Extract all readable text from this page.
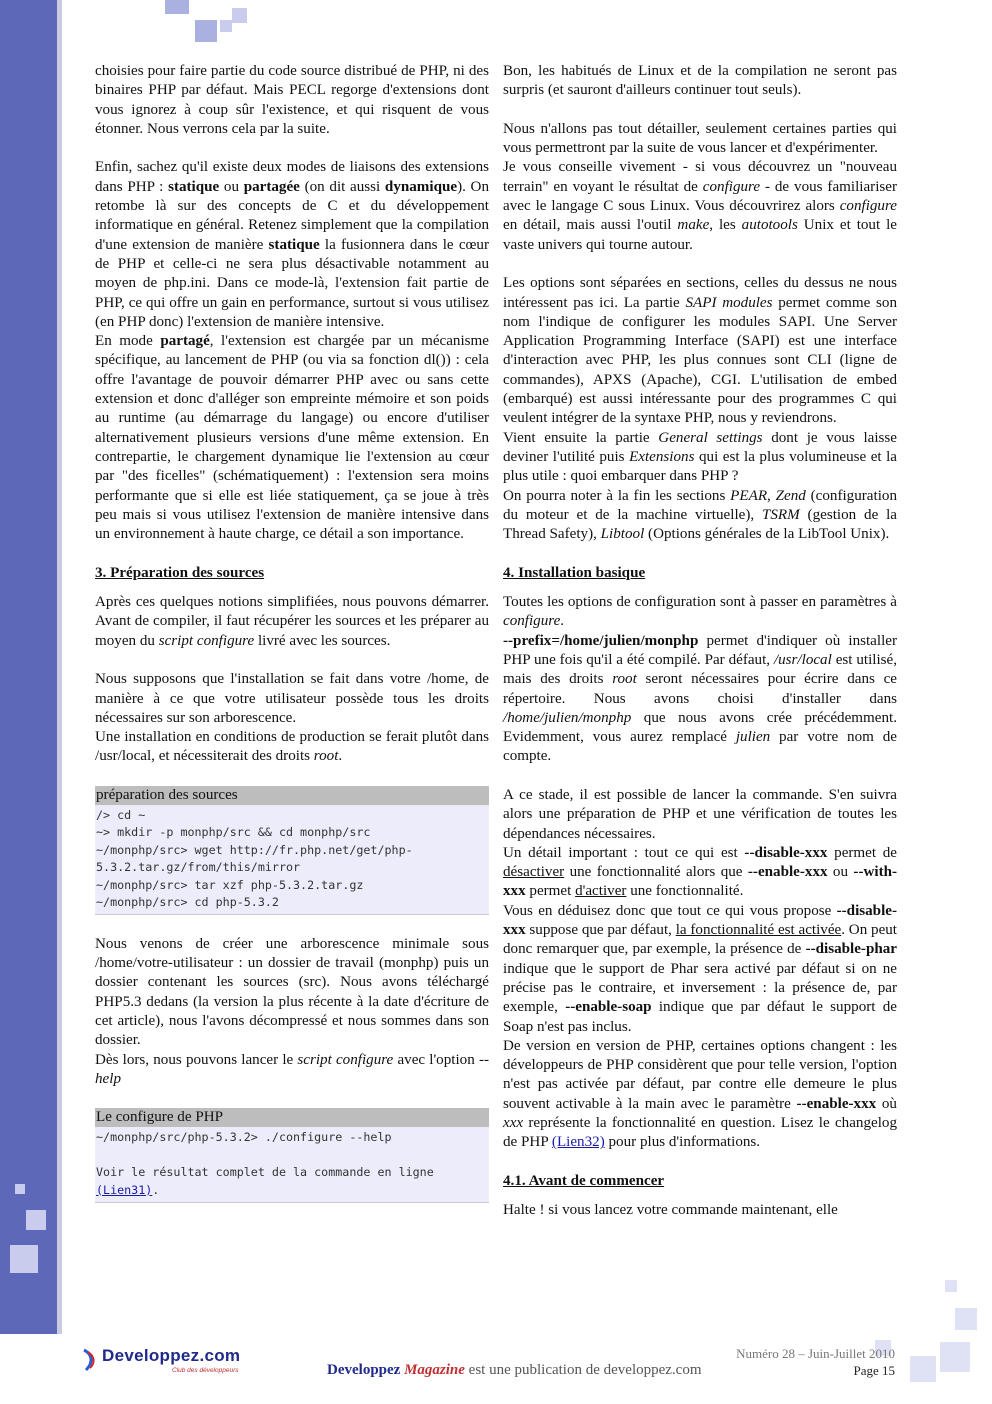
choisies pour faire partie du code source distribué de PHP, ni des binaires PHP par défaut. Mais PECL regorge d'extensions dont vous ignorez à coup sûr l'existence, et qui risquent de vous étonner. Nous verrons cela par la suite.

Enfin, sachez qu'il existe deux modes de liaisons des extensions dans PHP : statique ou partagée (on dit aussi dynamique). On retombe là sur des concepts de C et du développement informatique en général. Retenez simplement que la compilation d'une extension de manière statique la fusionnera dans le cœur de PHP et celle-ci ne sera plus désactivable notamment au moyen de php.ini. Dans ce mode-là, l'extension fait partie de PHP, ce qui offre un gain en performance, surtout si vous utilisez (en PHP donc) l'extension de manière intensive.

En mode partagé, l'extension est chargée par un mécanisme spécifique, au lancement de PHP (ou via sa fonction dl()) : cela offre l'avantage de pouvoir démarrer PHP avec ou sans cette extension et donc d'alléger son empreinte mémoire et son poids au runtime (au démarrage du langage) ou encore d'utiliser alternativement plusieurs versions d'une même extension. En contrepartie, le chargement dynamique lie l'extension au cœur par "des ficelles" (schématiquement) : l'extension sera moins performante que si elle est liée statiquement, ça se joue à très peu mais si vous utilisez l'extension de manière intensive dans un environnement à haute charge, ce détail a son importance.

3. Préparation des sources

Après ces quelques notions simplifiées, nous pouvons démarrer. Avant de compiler, il faut récupérer les sources et les préparer au moyen du script configure livré avec les sources.

Nous supposons que l'installation se fait dans votre /home, de manière à ce que votre utilisateur possède tous les droits nécessaires sur son arborescence.

Une installation en conditions de production se ferait plutôt dans /usr/local, et nécessiterait des droits root.

préparation des sources
/> cd ~
~> mkdir -p monphp/src && cd monphp/src
~/monphp/src> wget http://fr.php.net/get/php-5.3.2.tar.gz/from/this/mirror
~/monphp/src> tar xzf php-5.3.2.tar.gz
~/monphp/src> cd php-5.3.2

Nous venons de créer une arborescence minimale sous /home/votre-utilisateur : un dossier de travail (monphp) puis un dossier contenant les sources (src). Nous avons téléchargé PHP5.3 dedans (la version la plus récente à la date d'écriture de cet article), nous l'avons décompressé et nous sommes dans son dossier.

Dès lors, nous pouvons lancer le script configure avec l'option --help

Le configure de PHP
~/monphp/src/php-5.3.2> ./configure --help

Voir le résultat complet de la commande en ligne (Lien31).

Bon, les habitués de Linux et de la compilation ne seront pas surpris (et sauront d'ailleurs continuer tout seuls).

Nous n'allons pas tout détailler, seulement certaines parties qui vous permettront par la suite de vous lancer et d'expérimenter.

Je vous conseille vivement - si vous découvrez un "nouveau terrain" en voyant le résultat de configure - de vous familiariser avec le langage C sous Linux. Vous découvrirez alors configure en détail, mais aussi l'outil make, les autotools Unix et tout le vaste univers qui tourne autour.

Les options sont séparées en sections, celles du dessus ne nous intéressent pas ici. La partie SAPI modules permet comme son nom l'indique de configurer les modules SAPI. Une Server Application Programming Interface (SAPI) est une interface d'interaction avec PHP, les plus connues sont CLI (ligne de commandes), APXS (Apache), CGI. L'utilisation de embed (embarqué) est aussi intéressante pour des programmes C qui veulent intégrer de la syntaxe PHP, nous y reviendrons.

Vient ensuite la partie General settings dont je vous laisse deviner l'utilité puis Extensions qui est la plus volumineuse et la plus utile : quoi embarquer dans PHP ?

On pourra noter à la fin les sections PEAR, Zend (configuration du moteur et de la machine virtuelle), TSRM (gestion de la Thread Safety), Libtool (Options générales de la LibTool Unix).

4. Installation basique

Toutes les options de configuration sont à passer en paramètres à configure.

--prefix=/home/julien/monphp permet d'indiquer où installer PHP une fois qu'il a été compilé. Par défaut, /usr/local est utilisé, mais des droits root seront nécessaires pour écrire dans ce répertoire. Nous avons choisi d'installer dans /home/julien/monphp que nous avons crée précédemment. Evidemment, vous aurez remplacé julien par votre nom de compte.

A ce stade, il est possible de lancer la commande. S'en suivra alors une préparation de PHP et une vérification de toutes les dépendances nécessaires.

Un détail important : tout ce qui est --disable-xxx permet de désactiver une fonctionnalité alors que --enable-xxx ou --with-xxx permet d'activer une fonctionnalité.

Vous en déduisez donc que tout ce qui vous propose --disable-xxx suppose que par défaut, la fonctionnalité est activée. On peut donc remarquer que, par exemple, la présence de --disable-phar indique que le support de Phar sera activé par défaut si on ne précise pas le contraire, et inversement : la présence de, par exemple, --enable-soap indique que par défaut le support de Soap n'est pas inclus.

De version en version de PHP, certaines options changent : les développeurs de PHP considèrent que pour telle version, l'option n'est pas activée par défaut, par contre elle demeure le plus souvent activable à la main avec le paramètre --enable-xxx où xxx représente la fonctionnalité en question. Lisez le changelog de PHP (Lien32) pour plus d'informations.

4.1. Avant de commencer

Halte ! si vous lancez votre commande maintenant, elle

Developpez.com
Club des développeurs	Developpez Magazine est une publication de developpez.com
Numéro 28 – Juin-Juillet 2010
Page 15
